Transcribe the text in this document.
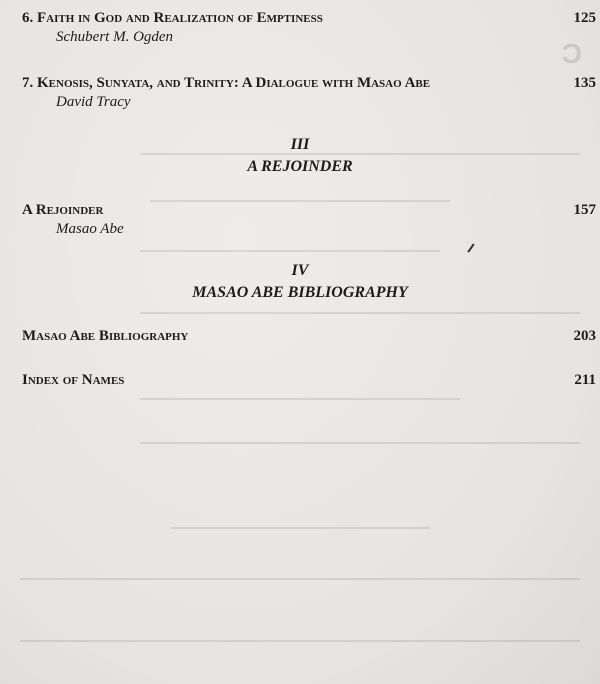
C         
6. Faith in God and Realization of Emptiness
Schubert M. Ogden
125
7. Kenosis, Sunyata, and Trinity: A Dialogue with Masao Abe
David Tracy
135
III
A REJOINDER
A Rejoinder
Masao Abe
157
IV
MASAO ABE BIBLIOGRAPHY
Masao Abe Bibliography	203
Index of Names	211
